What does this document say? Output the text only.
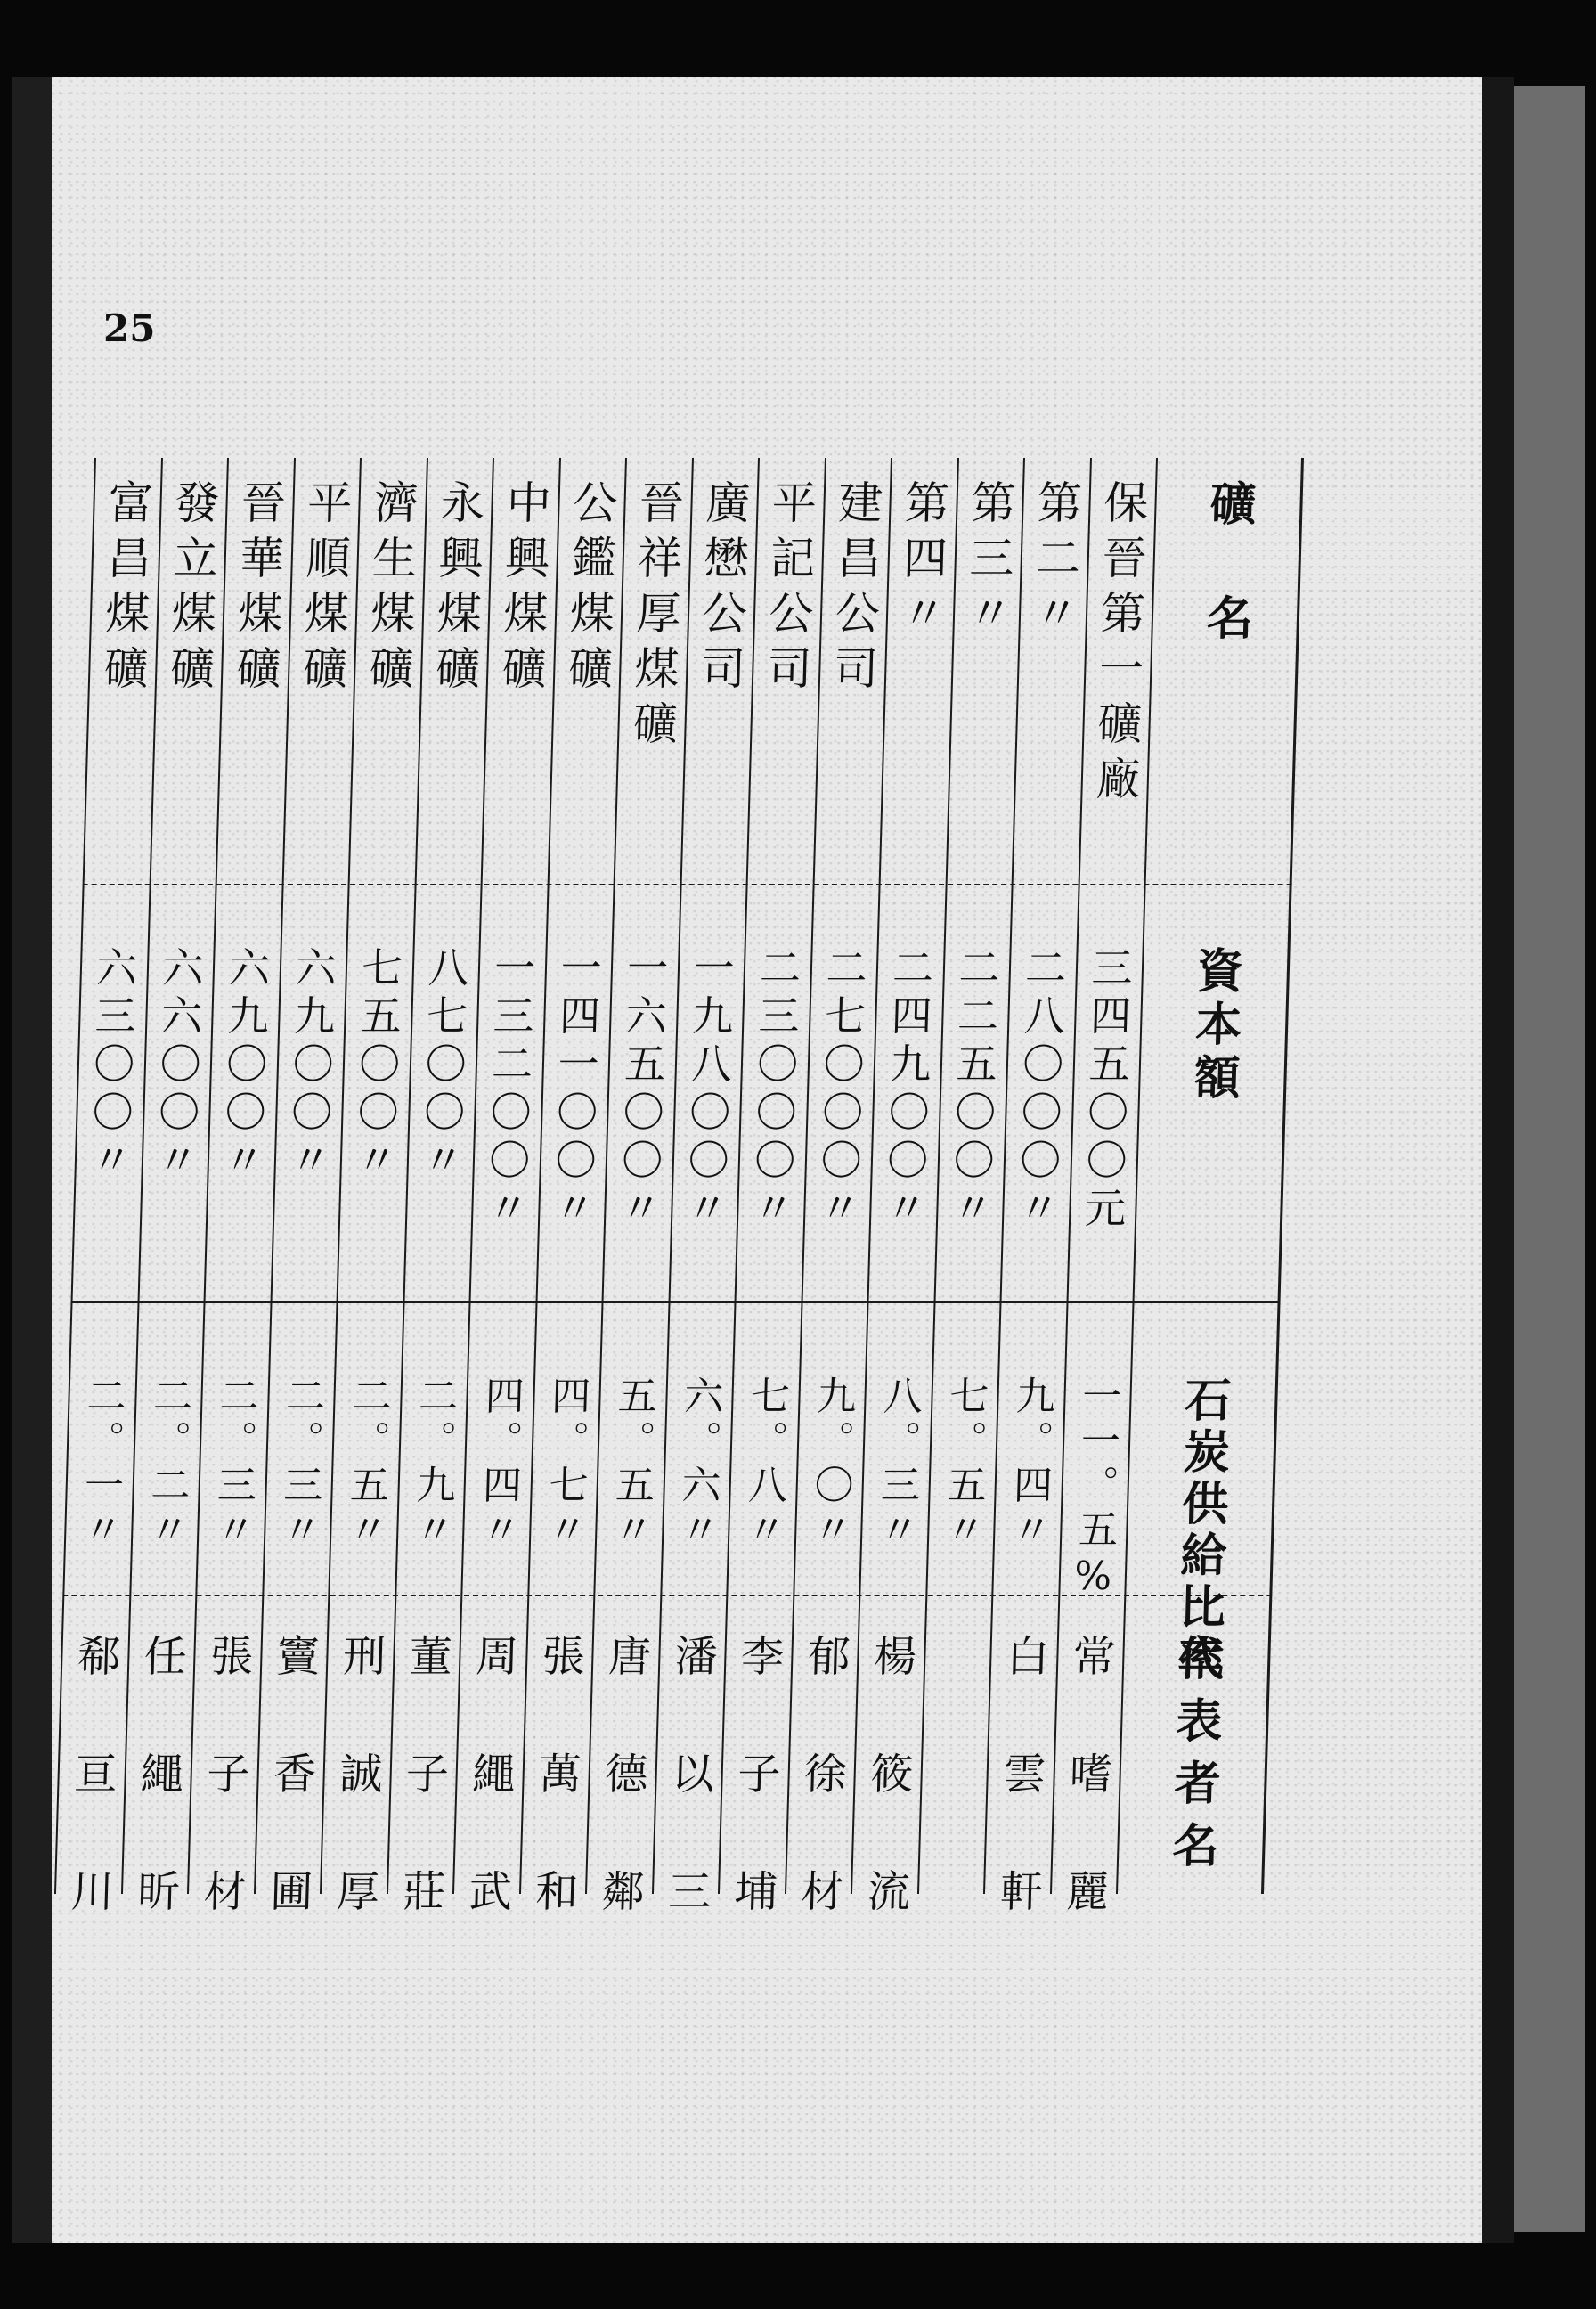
25
礦　名
資本額
石炭供給比率
代表者名
保晉第一礦廠
三四五〇〇元
一一。五%
常　嗜　麗
第二〃
二八〇〇〇〃
九。四〃
白　雲　軒
第三〃
二二五〇〇〃
七。五〃
第四〃
二四九〇〇〃
八。三〃
楊　筱　流
建昌公司
二七〇〇〇〃
九。〇〃
郁　徐　材
平記公司
二三〇〇〇〃
七。八〃
李　子　埔
廣懋公司
一九八〇〇〃
六。六〃
潘　以　三
晉祥厚煤礦
一六五〇〇〃
五。五〃
唐　德　鄰
公鑑煤礦
一四一〇〇〃
四。七〃
張　萬　和
中興煤礦
一三二〇〇〃
四。四〃
周　繩　武
永興煤礦
八七〇〇〃
二。九〃
董　子　莊
濟生煤礦
七五〇〇〃
二。五〃
刑　誠　厚
平順煤礦
六九〇〇〃
二。三〃
竇　香　圃
晉華煤礦
六九〇〇〃
二。三〃
張　子　材
發立煤礦
六六〇〇〃
二。二〃
任　繩　昕
富昌煤礦
六三〇〇〃
二。一〃
郗　亘　川
